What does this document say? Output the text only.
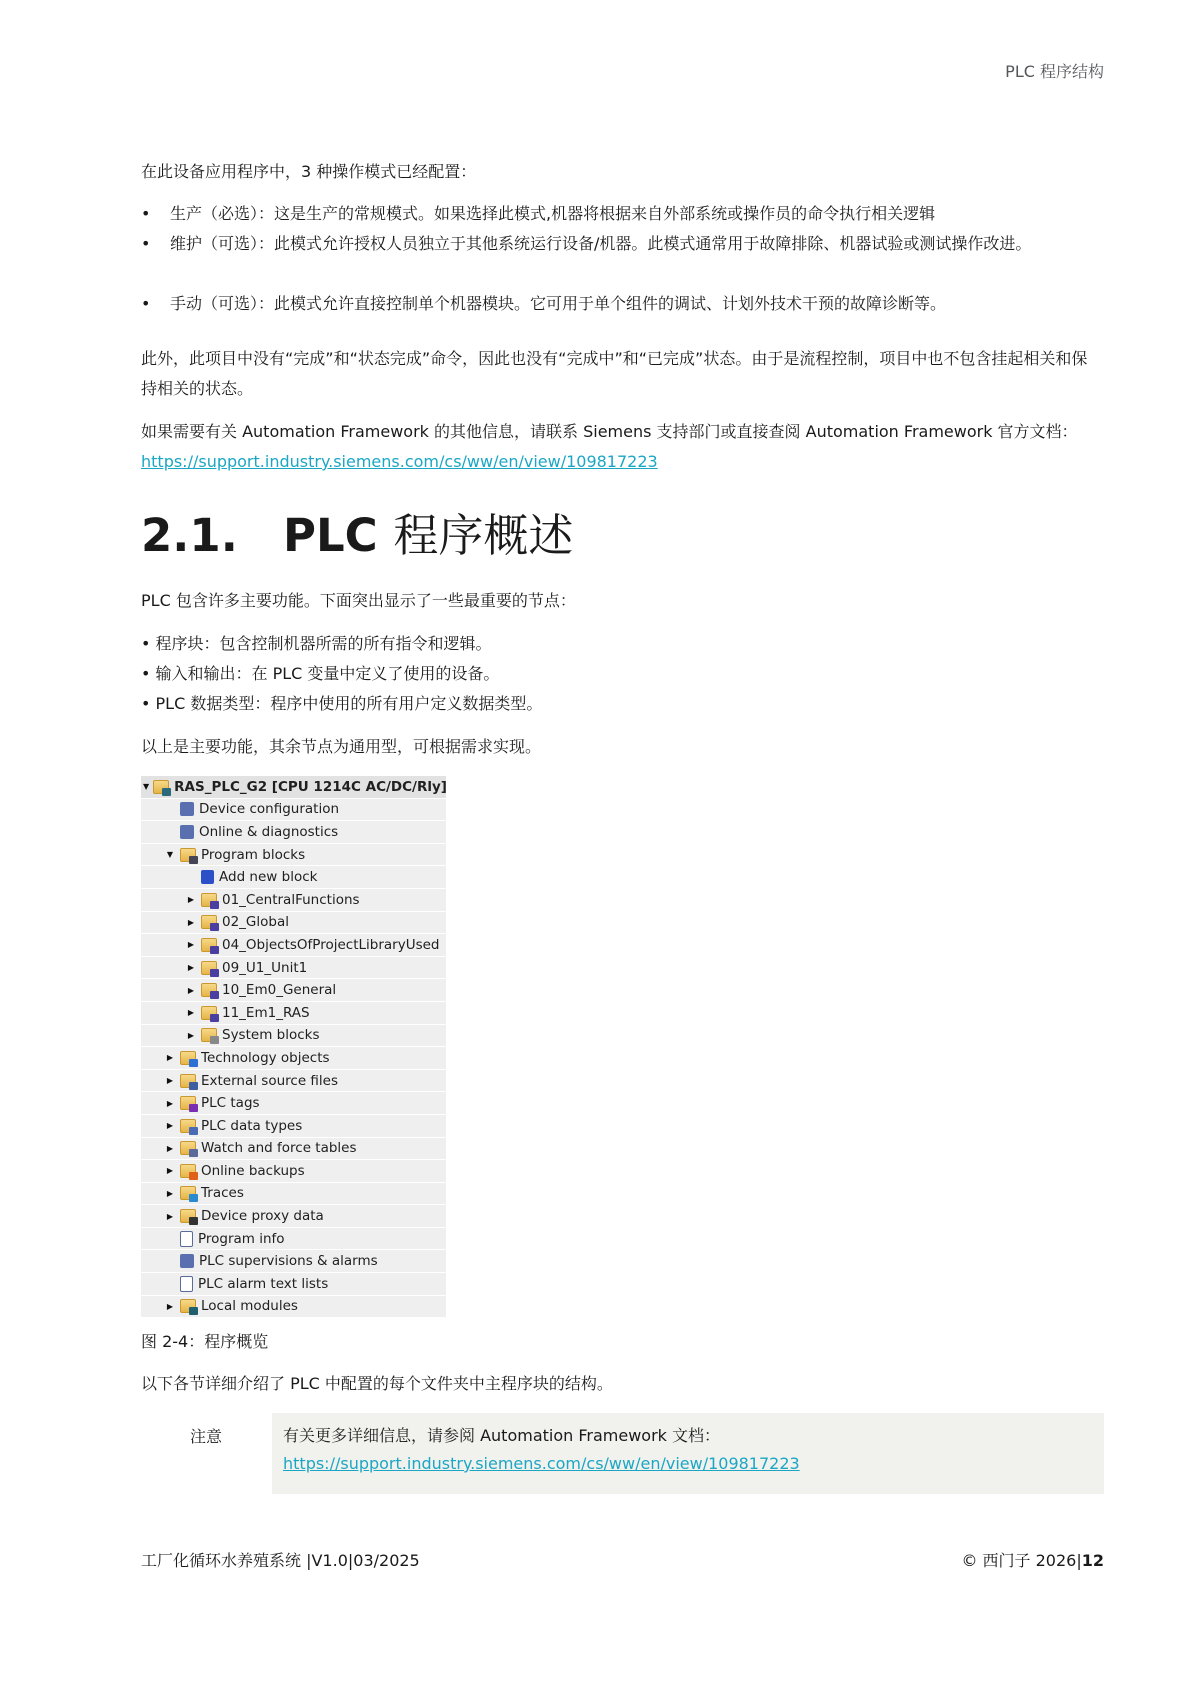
PLC 程序结构
在此设备应用程序中，3 种操作模式已经配置：
• 生产（必选）：这是生产的常规模式。如果选择此模式,机器将根据来自外部系统或操作员的命令执行相关逻辑
• 维护（可选）：此模式允许授权人员独立于其他系统运行设备/机器。此模式通常用于故障排除、机器试验或测试操作改进。
• 手动（可选）：此模式允许直接控制单个机器模块。它可用于单个组件的调试、计划外技术干预的故障诊断等。
此外，此项目中没有“完成”和“状态完成”命令，因此也没有“完成中”和“已完成”状态。由于是流程控制，项目中也不包含挂起相关和保持相关的状态。
如果需要有关 Automation Framework 的其他信息，请联系 Siemens 支持部门或直接查阅 Automation Framework 官方文档：https://support.industry.siemens.com/cs/ww/en/view/109817223
2.1. PLC 程序概述
PLC 包含许多主要功能。下面突出显示了一些最重要的节点：
• 程序块：包含控制机器所需的所有指令和逻辑。
• 输入和输出：在 PLC 变量中定义了使用的设备。
• PLC 数据类型：程序中使用的所有用户定义数据类型。
以上是主要功能，其余节点为通用型，可根据需求实现。
▼ RAS_PLC_G2 [CPU 1214C AC/DC/Rly]
Device configuration
Online & diagnostics
▼ Program blocks
Add new block
▶ 01_CentralFunctions
▶ 02_Global
▶ 04_ObjectsOfProjectLibraryUsed
▶ 09_U1_Unit1
▶ 10_Em0_General
▶ 11_Em1_RAS
▶ System blocks
▶ Technology objects
▶ External source files
▶ PLC tags
▶ PLC data types
▶ Watch and force tables
▶ Online backups
▶ Traces
▶ Device proxy data
Program info
PLC supervisions & alarms
PLC alarm text lists
▶ Local modules
图 2-4：程序概览
以下各节详细介绍了 PLC 中配置的每个文件夹中主程序块的结构。
注意	有关更多详细信息，请参阅 Automation Framework 文档：
https://support.industry.siemens.com/cs/ww/en/view/109817223
工厂化循环水养殖系统 |V1.0|03/2025	© 西门子 2026|12
